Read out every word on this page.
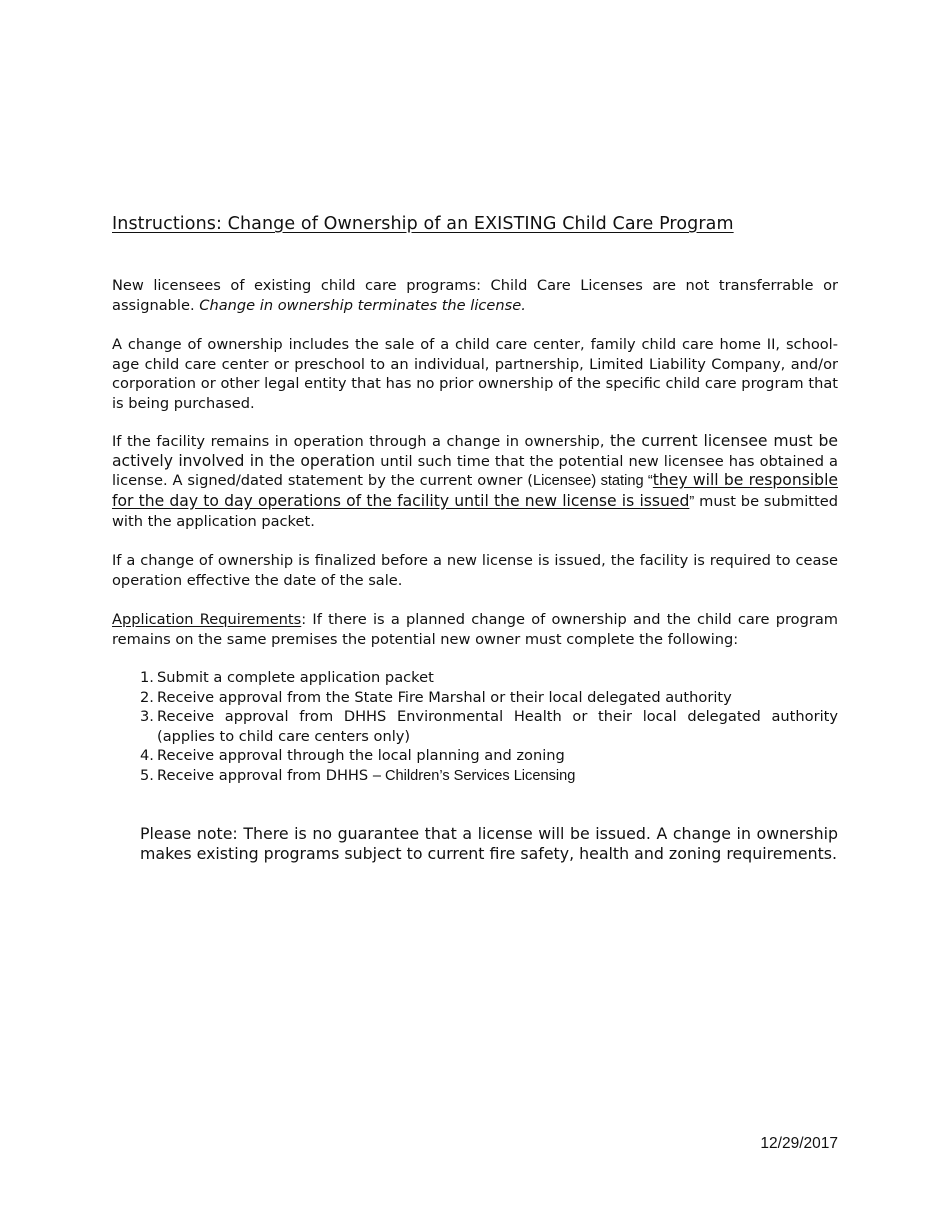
Instructions: Change of Ownership of an EXISTING Child Care Program

New licensees of existing child care programs: Child Care Licenses are not transferrable or assignable. Change in ownership terminates the license.

A change of ownership includes the sale of a child care center, family child care home II, school-age child care center or preschool to an individual, partnership, Limited Liability Company, and/or corporation or other legal entity that has no prior ownership of the specific child care program that is being purchased.

If the facility remains in operation through a change in ownership, the current licensee must be actively involved in the operation until such time that the potential new licensee has obtained a license. A signed/dated statement by the current owner (Licensee) stating “they will be responsible for the day to day operations of the facility until the new license is issued” must be submitted with the application packet.

If a change of ownership is finalized before a new license is issued, the facility is required to cease operation effective the date of the sale.

Application Requirements: If there is a planned change of ownership and the child care program remains on the same premises the potential new owner must complete the following:

1. Submit a complete application packet
2. Receive approval from the State Fire Marshal or their local delegated authority
3. Receive approval from DHHS Environmental Health or their local delegated authority (applies to child care centers only)
4. Receive approval through the local planning and zoning
5. Receive approval from DHHS – Children’s Services Licensing

Please note: There is no guarantee that a license will be issued. A change in ownership makes existing programs subject to current fire safety, health and zoning requirements.

12/29/2017
